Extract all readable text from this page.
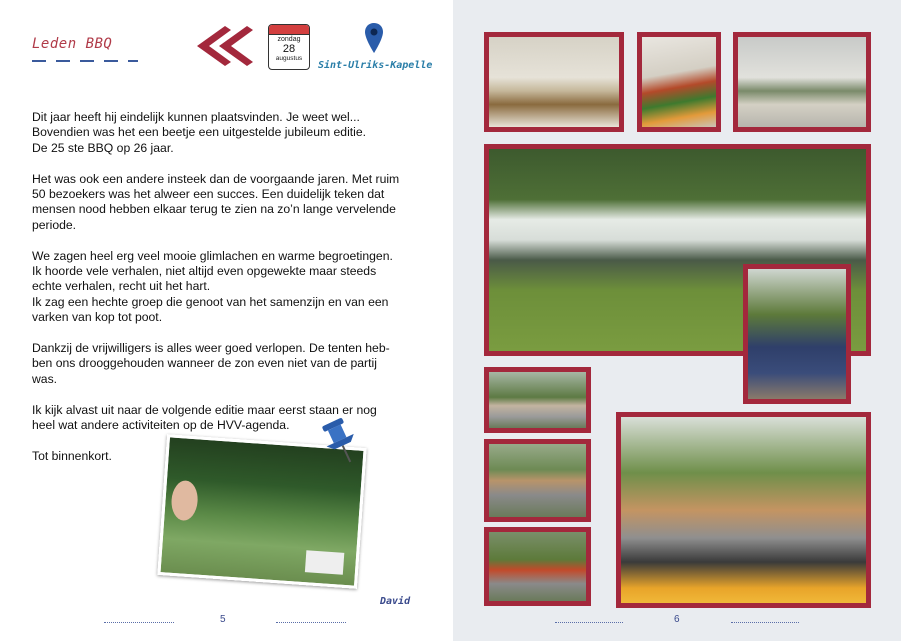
Leden BBQ	zondag
28
augustus
Sint-Ulriks-Kapelle

Dit jaar heeft hij eindelijk kunnen plaatsvinden. Je weet wel...
Bovendien was het een beetje een uitgestelde jubileum editie.
De 25 ste BBQ op 26 jaar.

Het was ook een andere insteek dan de voorgaande jaren. Met ruim
50 bezoekers was het alweer een succes. Een duidelijk teken dat
mensen nood hebben elkaar terug te zien na zo’n lange vervelende
periode.

We zagen heel erg veel mooie glimlachen en warme begroetingen.
Ik hoorde vele verhalen, niet altijd even opgewekte maar steeds
echte verhalen, recht uit het hart.
Ik zag een hechte groep die genoot van het samenzijn en van een
varken van kop tot poot.

Dankzij de vrijwilligers is alles weer goed verlopen. De tenten heb-
ben ons drooggehouden wanneer de zon even niet van de partij
was.

Ik kijk alvast uit naar de volgende editie maar eerst staan er nog
heel wat andere activiteiten op de HVV-agenda.

Tot binnenkort.

David
5	6
